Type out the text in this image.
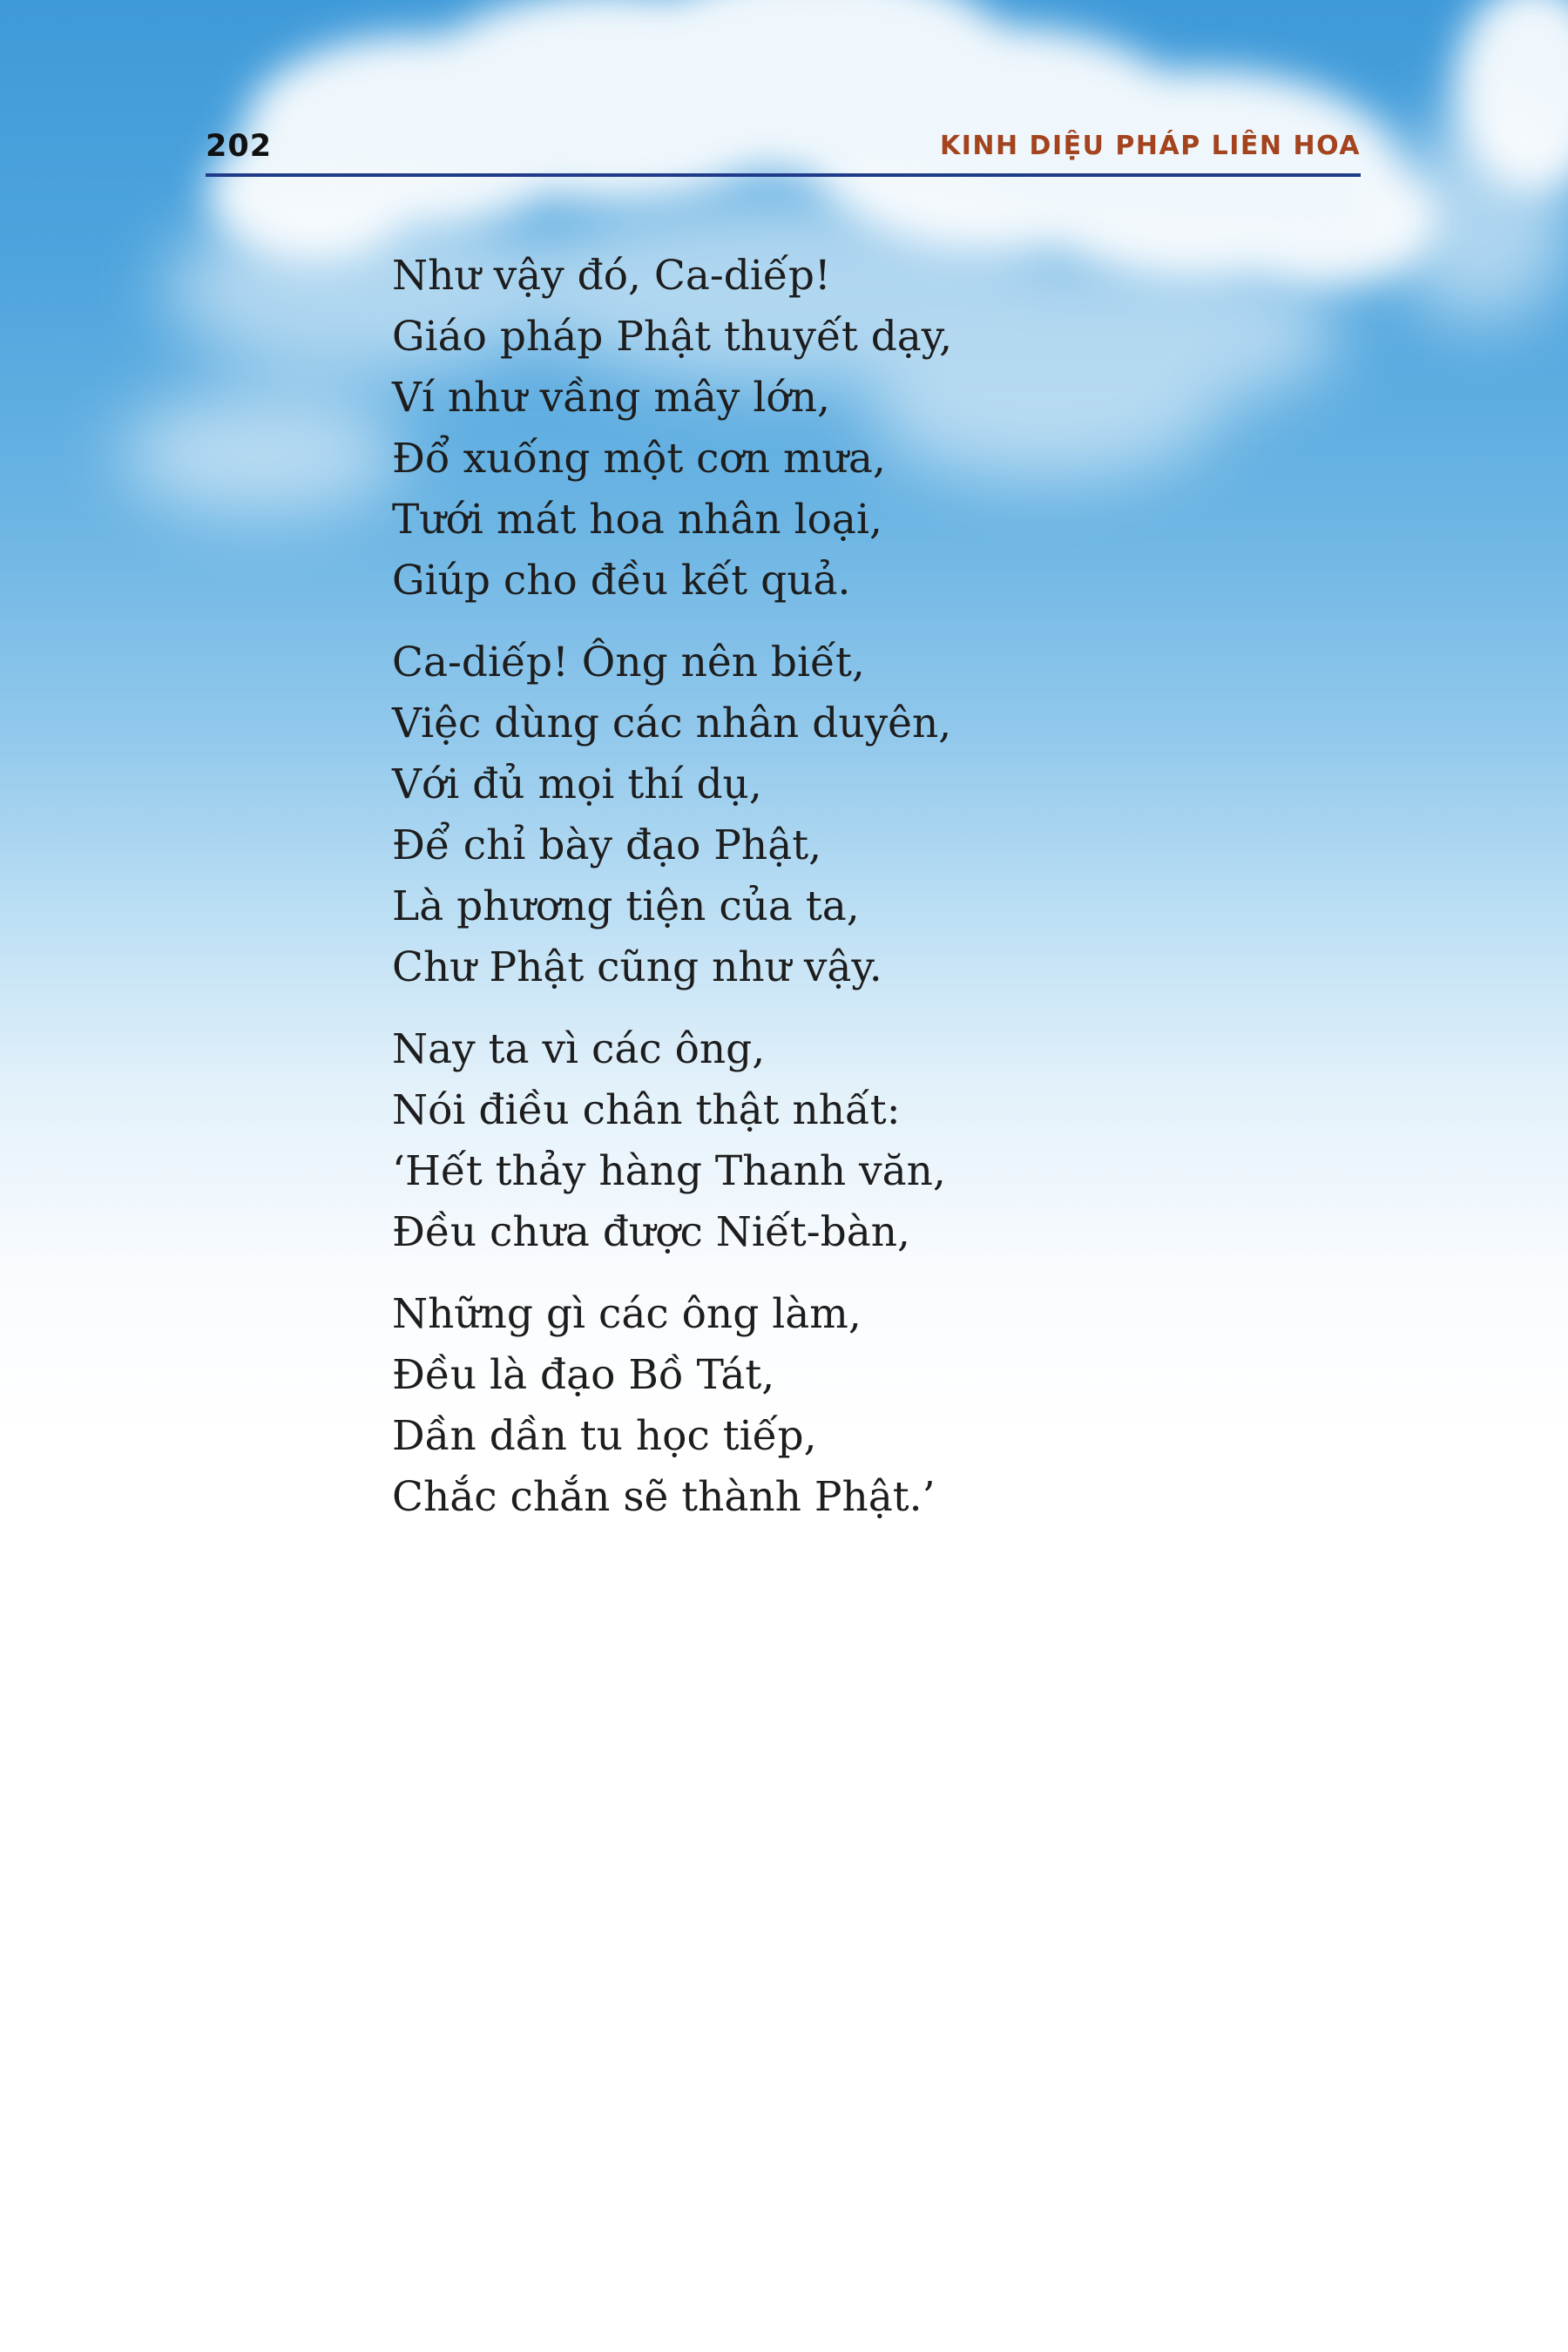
202	KINH DIỆU PHÁP LIÊN HOA
Như vậy đó, Ca-diếp!
Giáo pháp Phật thuyết dạy,
Ví như vầng mây lớn,
Đổ xuống một cơn mưa,
Tưới mát hoa nhân loại,
Giúp cho đều kết quả.
Ca-diếp! Ông nên biết,
Việc dùng các nhân duyên,
Với đủ mọi thí dụ,
Để chỉ bày đạo Phật,
Là phương tiện của ta,
Chư Phật cũng như vậy.
Nay ta vì các ông,
Nói điều chân thật nhất:
‘Hết thảy hàng Thanh văn,
Đều chưa được Niết-bàn,
Những gì các ông làm,
Đều là đạo Bồ Tát,
Dần dần tu học tiếp,
Chắc chắn sẽ thành Phật.’
